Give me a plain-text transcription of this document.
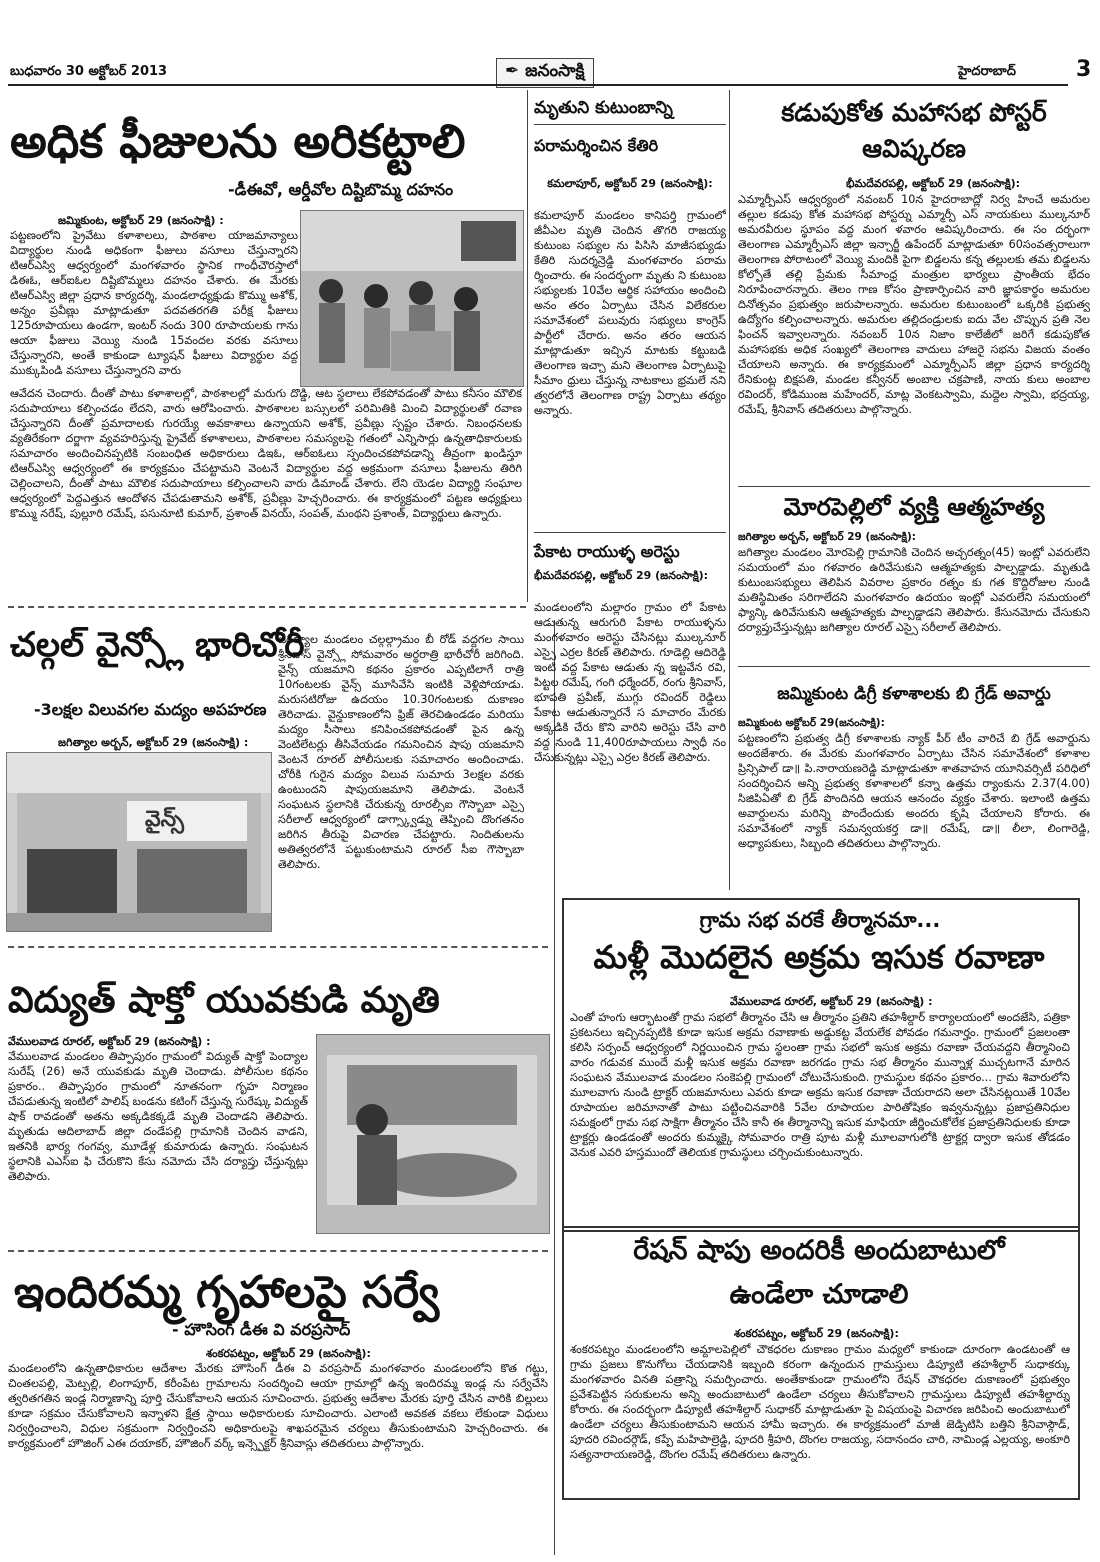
బుధవారం 30 అక్టోబర్ 2013	✒ జనంసాక్షి	హైదరాబాద్	3
అధిక ఫీజులను అరికట్టాలి
-డీఈవో, ఆర్డీవోల దిష్టిబొమ్మ దహనం
జమ్మికుంట, అక్టోబర్ 29 (జనంసాక్షి) :
పట్టణంలోని ప్రైవేటు కళాశాలలు, పాఠశాల యాజమాన్యాలు విద్యార్థుల నుండి అధికంగా ఫీజులు వసూలు చేస్తున్నారని టిఆర్ఎస్వి ఆధ్వర్యంలో మంగళవారం స్థానిక గాంధీచౌరస్తాలో డిఈఓ, ఆర్ఐఓల దిష్టిబొమ్మలు దహనం చేశారు. ఈ మేరకు టిఆర్ఎస్వి జిల్లా ప్రధాన కార్యదర్శి, మండలాధ్యక్షుడు కొమ్ము అశోక్, అన్నం ప్రవీణ్లు మాట్లాడుతూ పదవతరగతి పరీక్ష ఫీజులు 125రూపాయలు ఉండగా, ఇంటర్ నందు 300 రూపాయలకు గాను ఆయా ఫీజులు వెయ్యి నుండి 15వందల వరకు వసూలు చేస్తున్నారని, అంతే కాకుండా ట్యూషన్ ఫీజులు విద్యార్థుల వద్ద ముక్కుపిండి వసూలు చేస్తున్నారని వారు
ఆవేదన చెందారు. దీంతో పాటు కళాశాలల్లో, పాఠశాలల్లో మరుగు దొడ్డి, ఆట స్థలాలు లేకపోవడంతో పాటు కనీసం మౌలిక సదుపాయాలు కల్పించడం లేదని, వారు ఆరోపించారు. పాఠశాలల బస్సులలో పరిమితికి మించి విద్యార్థులతో రవాణ చేస్తున్నారని దీంతో ప్రమాదాలకు గురయ్యే అవకాశాలు ఉన్నాయని అశోక్, ప్రవీణ్లు స్పష్టం చేశారు. నిబంధనలకు వ్యతిరేకంగా దర్జాగా వ్యవహరిస్తున్న ప్రైవేట్ కళాశాలలు, పాఠశాలల సమస్యలపై గతంలో ఎన్నిసార్లు ఉన్నతాధికారులకు సమాచారం అందించినప్పటికి సంబంధిత అధికారులు డిఇఓ, ఆర్ఐఓలు స్పందించకపోవడాన్ని తీవ్రంగా ఖండిస్తూ టిఆర్ఎస్వి ఆధ్వర్యంలో ఈ కార్యక్రమం చేపట్టామని వెంటనే విద్యార్థుల వద్ద అక్రమంగా వసూలు ఫీజులను తిరిగి చెల్లించాలని, దీంతో పాటు మౌలిక సదుపాయాలు కల్పించాలని వారు డిమాండ్ చేశారు. లేని యెడల విద్యార్థి సంఘాల ఆధ్వర్యంలో పెద్దఎత్తున ఆందోళన చేపడుతామని అశోక్, ప్రవీణ్లు హెచ్చరించారు. ఈ కార్యక్రమంలో పట్టణ అధ్యక్షులు కొమ్ము నరేష్, పుల్లూరి రమేష్, పసునూటి కుమార్, ప్రశాంత్ వినయ్, సంపత్, మంథని ప్రశాంత్, విద్యార్థులు ఉన్నారు.
చల్గల్ వైన్స్లో భారిచోరీ
-3లక్షల విలువగల మద్యం అపహరణ
జగిత్యాల అర్బన్, అక్టోబర్ 29 (జనంసాక్షి) :
వైన్స్
జగిత్యాల మండలం చల్గల్గ్రామం బీ రోడ్ వద్దగల సాయి శ్రీనివాస్ వైన్స్లో సోమవారం అర్థరాత్రి భారీచోరీ జరిగింది. వైన్స్ యజమాని కథనం ప్రకారం ఎప్పటిలాగే రాత్రి 10గంటలకు వైన్స్ మూసివేసి ఇంటికి వెళ్లిపోయాడు. మరుసటిరోజు ఉదయం 10.30గంటలకు దుకాణం తెరిచాడు. వైన్డుకాణంలోని ఫ్రిజ్ తెరచిఉండడం మరియు మద్యం సీసాలు కనిపించకపోవడంతో పైన ఉన్న వెంటిలేటర్లు తీసివేయడం గమనించిన షాపు యజమాని వెంటనే రూరల్ పోలీసులకు సమాచారం అందించాడు. చోరీకి గురైన మద్యం విలువ సుమారు 3లక్షల వరకు ఉంటుందని షాపుయజమాని తెలిపాడు. వెంటనే సంఘటన స్థలానికి చేరుకున్న రూరల్సీఐ గౌస్బాబా ఎస్సై సరీలాల్ ఆధ్వర్యంలో డాగ్స్క్వాడ్ను తెప్పించి దొంగతనం జరిగిన తీరుపై విచారణ చేపట్టారు. నిందితులను అతిత్వరలోనే పట్టుకుంటామని రూరల్ సీఐ గౌస్బాబా తెలిపారు.
విద్యుత్ షాక్తో యువకుడి మృతి
వేములవాడ రూరల్, అక్టోబర్ 29 (జనంసాక్షి) :
వేములవాడ మండలం తిప్పాపురం గ్రామంలో విద్యుత్ షాక్తో పెంద్యాల సురేష్ (26) అనే యువకుడు మృతి చెందాడు. పోలీసుల కథనం ప్రకారం.. తిప్పాపురం గ్రామంలో నూతనంగా గృహ నిర్మాణం చేపడుతున్న ఇంటిలో పాలిష్ బండను కటింగ్ చేస్తున్న సురేష్కు విద్యుత్ షాక్ రావడంతో అతను అక్కడికక్కడే మృతి చెందాడని తెలిపారు. మృతుడు ఆదిలాబాద్ జిల్లా దండేపల్లి గ్రామానికి చెందిన వాడని, ఇతనికి భార్య గంగవ్వ, మూడేళ్ల కుమారుడు ఉన్నారు. సంఘటన స్థలానికి ఎఎస్ఐ ఫి చేరుకొని కేసు నమోదు చేసి దర్యాప్తు చేస్తున్నట్లు తెలిపారు.
ఇందిరమ్మ గృహాలపై సర్వే
- హౌసింగ్ డీఈ వి వరప్రసాద్
శంకరపట్నం, అక్టోబర్ 29 (జనంసాక్షి):
మండలంలోని ఉన్నతాధికారుల ఆదేశాల మేరకు హౌసింగ్ డీఈ వి వరప్రసాద్ మంగళవారం మండలంలోని కొత గట్టు, చింతలపల్లి, మెట్పల్లి, లింగాపూర్, కరీంపేట గ్రామాలను సందర్శించి ఆయా గ్రామాల్లో ఉన్న ఇందిరమ్మ ఇండ్ల ను సర్వేచేసి త్వరితగతిన ఇండ్ల నిర్మాణాన్ని పూర్తి చేసుకోవాలని ఆయన సూచించారు. ప్రభుత్వ ఆదేశాల మేరకు పూర్తి చేసిన వారికి బిల్లులు కూడా సక్రమం చేసుకోవాలని ఇన్నాళని క్షేత్ర స్థాయి అధికారులకు సూచించారు. ఎలాంటి అవకత వకలు లేకుండా విధులు నిర్వర్తించాలని, విధుల సక్రమంగా నిర్వర్తించని అధికారులపై శాఖపరమైన చర్యలు తీసుకుంటామని హెచ్చరించారు. ఈ కార్యక్రమంలో హౌజింగ్ ఎఈ దయాకర్, హౌజింగ్ వర్క్ ఇన్స్పెక్టర్ శ్రీనివాస్లు తదితరులు పాల్గొన్నారు.
మృతుని కుటుంబాన్ని
పరామర్శించిన కేతిరి
కమలాపూర్, అక్టోబర్ 29 (జనంసాక్షి):
కమలాపూర్ మండలం కానిపర్తి గ్రామంలో జీవీఎల మృతి చెందిన తొగరి రాజయ్య కుటుంబ సభ్యుల ను పిసిసి మాజీసభ్యుడు కేతిరి సుదర్శన్రెడ్డి మంగళవారం పరామ ర్శించారు. ఈ సందర్భంగా మృతు ని కుటుంబ సభ్యులకు 10వేల ఆర్థిక సహాయం అందించి అనం తరం ఏర్పాటు చేసిన విలేకరుల సమావేశంలో పలువురు సభ్యులు కాంగ్రెస్ పార్టీలో చేరారు. అనం తరం ఆయన మాట్లాడుతూ ఇచ్చిన మాటకు కట్టుబడి తెలంగాణ ఇచ్చా మని తెలంగాణ ఏర్పాటుపై సీమాం ధ్రులు చేస్తున్న నాటకాలు భ్రమలే నని త్వరలోనే తెలంగాణ రాష్ట్ర ఏర్పాటు తథ్యం అన్నారు.
పేకాట రాయుళ్ళ అరెస్టు
భీమదేవరపల్లి, అక్టోబర్ 29 (జనంసాక్షి):
మండలంలోని మల్లారం గ్రామం లో పేకాట ఆడుతున్న ఆరుగురి పేకాట రాయుళ్ళను మంగళవారం అరెస్టు చేసినట్లు ముల్కనూర్ ఎస్సై ఎర్రల కిరణ్ తెలిపారు. గూడెల్లి ఆదిరెడ్డి ఇంటి వద్ద పేకాట ఆడుతు న్న ఇట్టవేన రవి, పిట్టల రమేష్, గంగి ధర్మేందర్, రంగు శ్రీనివాస్, భూపతి ప్రవీణ్, ముగ్గు రవిందర్ రెడ్డిలు పేకాట ఆడుతున్నారనే స మాచారం మేరకు అక్కడికి చేరు కొని వారిని అరెస్టు చేసి వారి వద్ద నుండి 11,400రూపాయలు స్వాధీ నం చేసుకున్నట్లు ఎస్సై ఎర్రల కిరణ్ తెలిపారు.
కడుపుకోత మహాసభ పోస్టర్
ఆవిష్కరణ
భీమదేవరపల్లి, అక్టోబర్ 29 (జనంసాక్షి):
ఎమ్మార్పీఎస్ ఆధ్వర్యంలో నవంబర్ 10న హైదరాబాద్లో నిర్వ హించే అమరుల తల్లుల కడుపు కోత మహాసభ పోస్టర్ను ఎమ్మార్పీ ఎస్ నాయకులు ముల్కనూర్ అమరవీరుల స్థూపం వద్ద మంగ ళవారం ఆవిష్కరించారు. ఈ సం దర్భంగా తెలంగాణ ఎమ్మార్పీఎస్ జిల్లా ఇన్చార్జీ ఉపేందర్ మాట్లాడుతూ 60సంవత్సరాలుగా తెలంగాణ పోరాటంలో వెయ్యి మందికి పైగా బిడ్డలను కన్న తల్లులకు తమ బిడ్డలను కోల్పోతే తల్లి ప్రేమకు సీమాంధ్ర మంత్రుల భార్యలు ప్రాంతీయ భేదం నిరూపించారన్నారు. తెలం గాణ కోసం ప్రాణార్పించిన వారి జ్ఞాపకార్థం అమరుల దినోత్సవం ప్రభుత్వం జరుపాలన్నారు. అమరుల కుటుంబంలో ఒక్కరికి ప్రభుత్వ ఉద్యోగం కల్పించాలన్నారు. అమరుల తల్లిదండ్రులకు ఐదు వేల చొప్పున ప్రతి నెల ఫించన్ ఇవ్వాలన్నారు. నవంబర్ 10న నిజాం కాలేజీలో జరిగే కడుపుకోత మహాసభకు అధిక సంఖ్యలో తెలంగాణ వాదులు హాజరై సభను విజయ వంతం చేయాలని అన్నారు. ఈ కార్యక్రమంలో ఎమ్మార్పీఎస్ జిల్లా ప్రధాన కార్యదర్శి రేనికుంట్ల బిక్షపతి, మండల కన్వీనర్ అంబాల చక్రపాణి, నాయ కులు అంబాల రవిందర్, కోడిముంజ మహేందర్, మాట్ల వెంకటస్వామి, మద్దెల స్వామి, భద్రయ్య, రమేష్, శ్రీనివాస్ తదితరులు పాల్గొన్నారు.
మోరపెల్లిలో వ్యక్తి ఆత్మహత్య
జగిత్యాల అర్బన్, అక్టోబర్ 29 (జనంసాక్షి):
జగిత్యాల మండలం మోరపెల్లి గ్రామానికి చెందిన అచ్చరత్నం(45) ఇంట్లో ఎవరులేని సమయంలో మం గళవారం ఉరివేసుకుని ఆత్మహత్యకు పాల్పడ్డాడు. మృతుడి కుటుంబసభ్యులు తెలిపిన వివరాల ప్రకారం రత్నం కు గత కొద్దిరోజుల నుండి మతిస్థిమితం సరిగాలేదని మంగళవారం ఉదయం ఇంట్లో ఎవరులేని సమయంలో ఫ్యాన్కి ఉరివేసుకుని ఆత్మహత్యకు పాల్పడ్డాడని తెలిపారు. కేసునమోదు చేసుకుని దర్యాప్తుచేస్తున్నట్లు జగిత్యాల రూరల్ ఎస్సై సరీలాల్ తెలిపారు.
జమ్మికుంట డిగ్రీ కళాశాలకు బి గ్రేడ్ అవార్డు
జమ్మికుంట అక్టోబర్ 29(జనంసాక్షి):
పట్టణంలోని ప్రభుత్వ డిగ్రీ కళాశాలకు న్యాక్ పీర్ టీం వారిచే బి గ్రేడ్ అవార్డును అందజేశారు. ఈ మేరకు మంగళవారం ఏర్పాటు చేసిన సమావేశంలో కళాశాల ప్రిన్సిపాల్ డా॥ పి.నారాయణరెడ్డి మాట్లాడుతూ శాతవాహన యూనివర్సిటీ పరిధిలో సందర్శించిన అన్ని ప్రభుత్వ కళాశాలలో కన్నా ఉత్తమ ర్యాంకును 2.37(4.00) సిజిపిఏతో బి గ్రేడ్ పొందినది ఆయన ఆనందం వ్యక్తం చేశారు. ఇలాంటి ఉత్తమ అవార్డులను మరిన్ని పొందేందుకు అందరు కృషి చేయాలని కోరారు. ఈ సమావేశంలో న్యాక్ సమన్వయకర్త డా॥ రమేష్, డా॥ లీలా, లింగారెడ్డి, అధ్యాపకులు, సిబ్బంది తదితరులు పాల్గొన్నారు.
గ్రామ సభ వరకే తీర్మానమా...
మళ్లీ మొదలైన అక్రమ ఇసుక రవాణా
వేములవాడ రూరల్, అక్టోబర్ 29 (జనంసాక్షి) :
ఎంతో హంగు ఆర్భాటంతో గ్రామ సభలో తీర్మానం చేసి ఆ తీర్మానం ప్రతిని తహశీల్దార్ కార్యాలయంలో అందజేసి, పత్రికా ప్రకటనలు ఇచ్చినప్పటికి కూడా ఇసుక అక్రమ రవాణాకు అడ్డుకట్ట వేయలేక పోవడం గమనార్హం. గ్రామంలో ప్రజలంతా కలిసి సర్పంచ్ ఆధ్వర్యంలో నిర్ణయించిన గ్రామ స్థలంతా గ్రామ సభలో ఇసుక అక్రమ రవాణా చేయవద్దని తీర్మానించి వారం గడువక ముందే మళ్లీ ఇసుక అక్రమ రవాణా జరగడం గ్రామ సభ తీర్మానం మున్నాళ్ల ముచ్చటగానే మారిన సంఘటన వేములవాడ మండలం సంకెపల్లి గ్రామంలో చోటుచేసుకుంది. గ్రామస్థుల కథనం ప్రకారం... గ్రామ శివారులోని మూలవాగు నుండి ట్రాక్టర్ యజమానులు ఎవరు కూడా అక్రమ ఇసుక రవాణా చేయరాదని అలా చేసినట్లయితే 10వేల రూపాయల జరిమానాతో పాటు పట్టించినవారికి 5వేల రూపాయల పారితోషికం ఇవ్వనున్నట్లు ప్రజాప్రతినిధుల సమక్షంలో గ్రామ సభ సాక్షిగా తీర్మానం చేసి కానీ ఈ తీర్మానాన్ని ఇసుక మాఫియా జీర్ణించుకోలేక ప్రజాప్రతినిధులకు కూడా ట్రాక్టర్లు ఉండడంతో అందరు కుమ్మక్కై సోమవారం రాత్రి పూట మళ్లీ మూలవాగులోకి ట్రాక్టర్ల ద్వారా ఇసుక తోడడం వెనుక ఎవరి హస్తముందో తెలియక గ్రామస్థులు చర్చించుకుంటున్నారు.
రేషన్ షాపు అందరికీ అందుబాటులో
ఉండేలా చూడాలి
శంకరపట్నం, అక్టోబర్ 29 (జనంసాక్షి):
శంకరపట్నం మండలంలోని అమ్దాలపెల్లిలో చౌకధరల దుకాణం గ్రామం మధ్యలో కాకుండా దూరంగా ఉండటంతో ఆ గ్రామ ప్రజలు కొనుగోలు చేయడానికి ఇబ్బంది కరంగా ఉన్నందున గ్రామస్తులు డిప్యూటి తహశీల్దార్ సుధాకర్కు మంగళవారం వినతి పత్రాన్ని సమర్పించారు. అంతేకాకుండా గ్రామంలోని రేషన్ చౌకధరల దుకాణంలో ప్రభుత్వం ప్రవేశపెట్టిన సరుకులను అన్ని అందుబాటులో ఉండేలా చర్యలు తీసుకోవాలని గ్రామస్తులు డిప్యూటీ తహశీల్దార్ను కోరారు. ఈ సందర్భంగా డిప్యూటీ తహశీల్దార్ సుధాకర్ మాట్లాడుతూ పై విషయంపై విచారణ జరిపించి అందుబాటులో ఉండేలా చర్యలు తీసుకుంటామని ఆయన హామీ ఇచ్చారు. ఈ కార్యక్రమంలో మాజీ జెడ్పిటిసి బత్తిని శ్రీనివాస్గౌడ్, పూదరి రవిందర్గౌడ్, కప్పే మహిపాల్రెడ్డి, పూదరి శ్రీహరి, దొంగల రాజయ్య, సదానందం చారి, నామిండ్ల ఎల్లయ్య, అంకూరి సత్యనారాయణరెడ్డి, దొంగల రమేష్ తదితరులు ఉన్నారు.
